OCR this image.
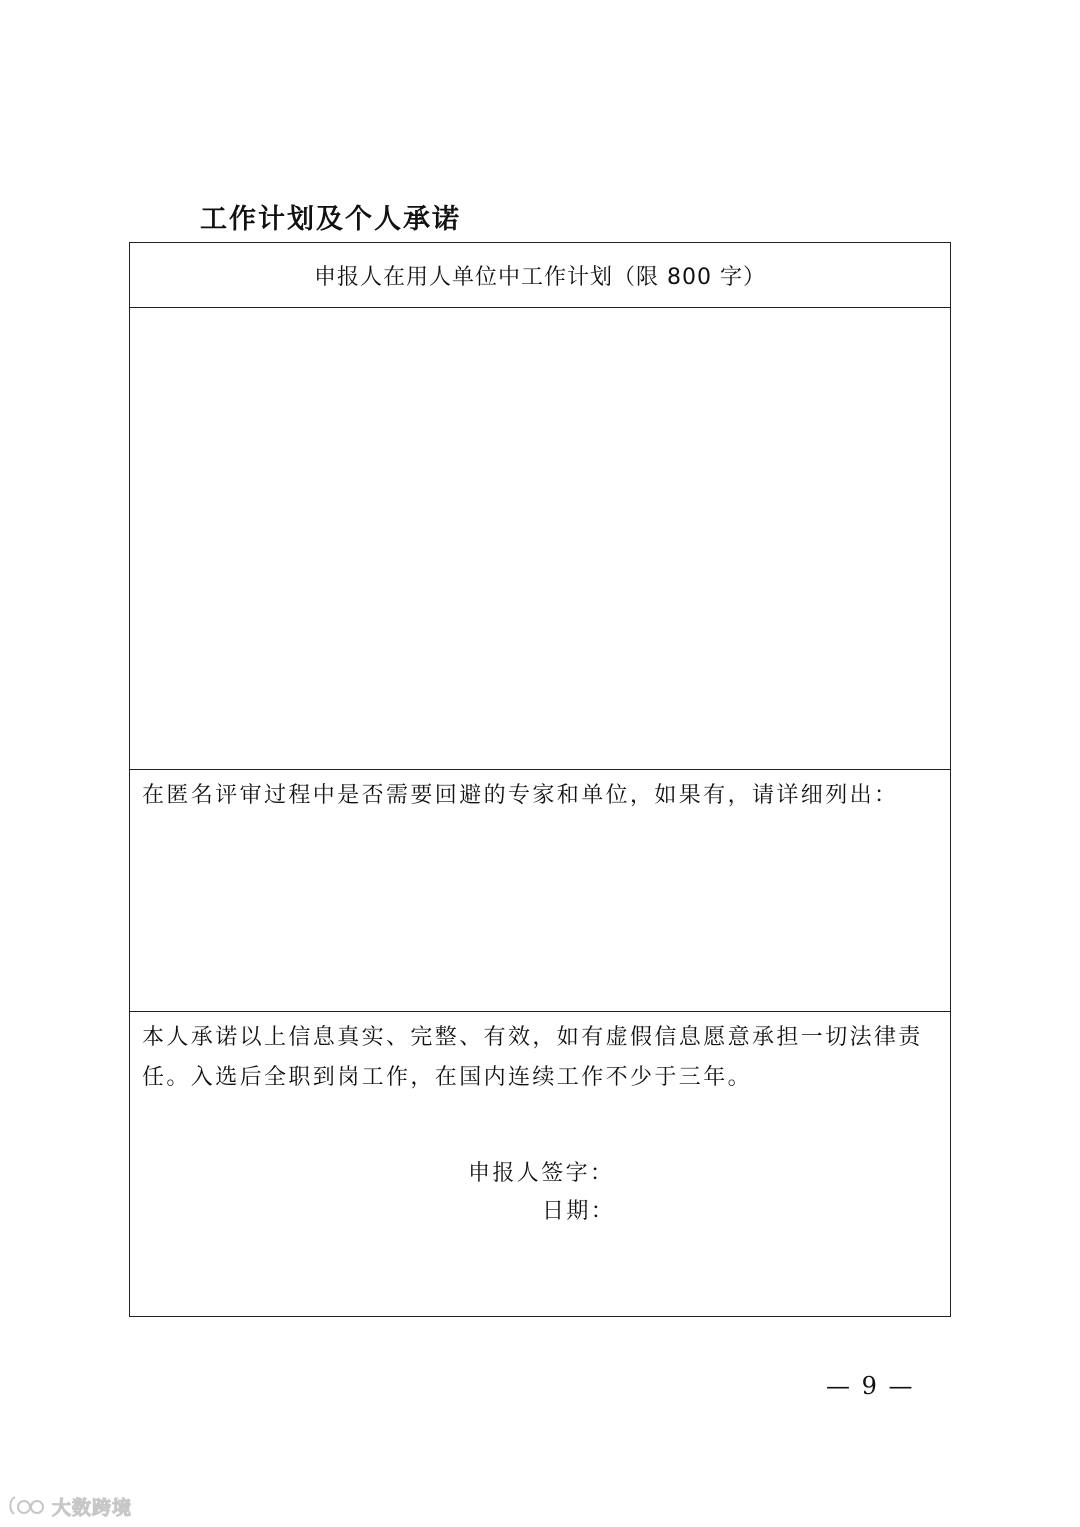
工作计划及个人承诺
申报人在用人单位中工作计划（限 800 字）

在匿名评审过程中是否需要回避的专家和单位，如果有，请详细列出：

本人承诺以上信息真实、完整、有效，如有虚假信息愿意承担一切法律责任。入选后全职到岗工作，在国内连续工作不少于三年。

申报人签字：
日期：
— 9 —
大数跨境
